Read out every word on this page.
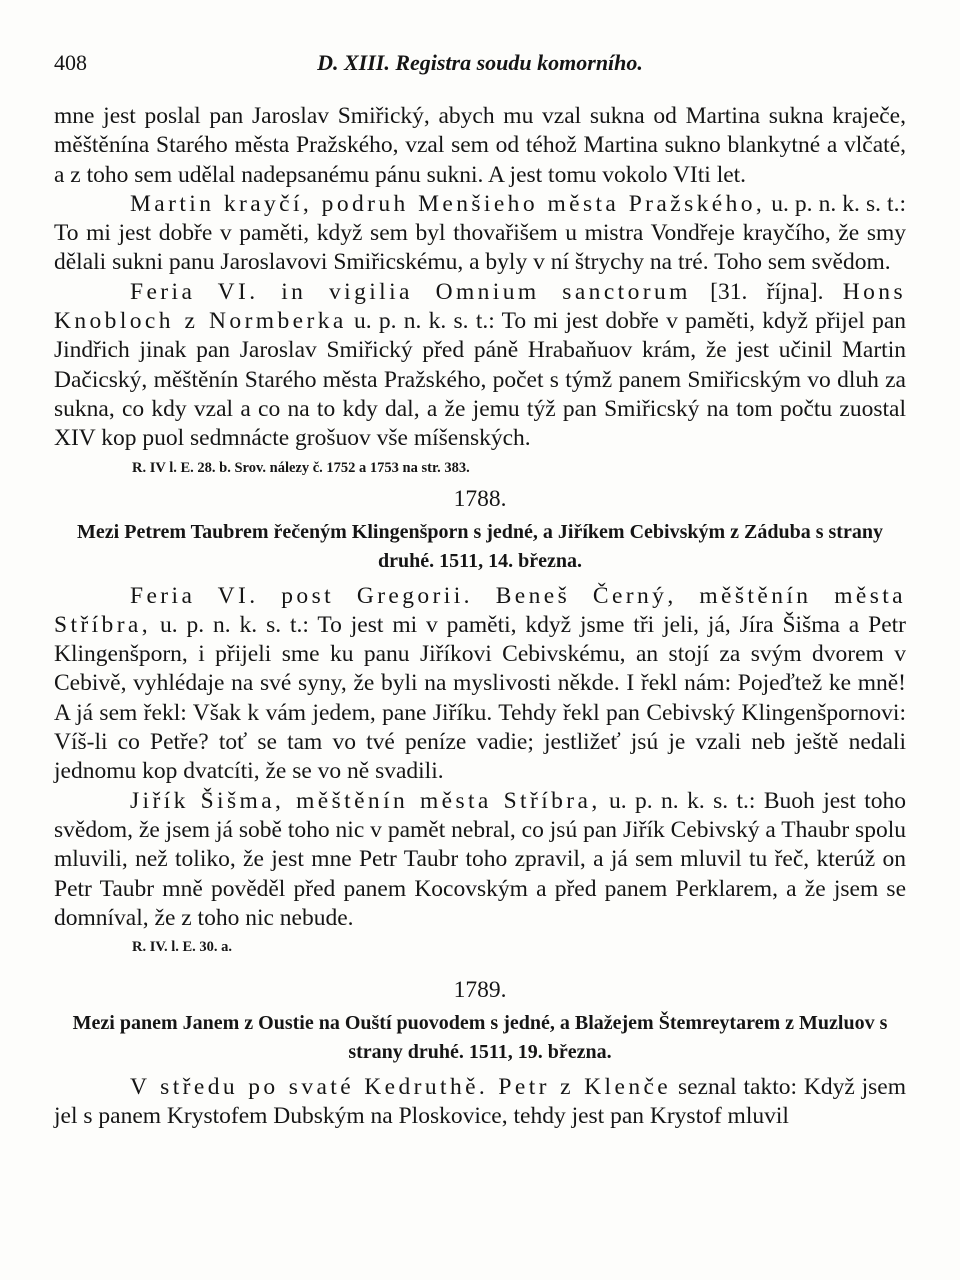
408	D. XIII. Registra soudu komorního.

mne jest poslal pan Jaroslav Smiřický, abych mu vzal sukna od Martina sukna kraječe, měštěnína Starého města Pražského, vzal sem od téhož Martina sukno blankytné a vlčaté, a z toho sem udělal nadepsanému pánu sukni. A jest tomu vokolo VIti let.

Martin krayčí, podruh Menšieho města Pražského, u. p. n. k. s. t.: To mi jest dobře v paměti, když sem byl thovařišem u mistra Vondřeje krayčího, že smy dělali sukni panu Jaroslavovi Smiřicskému, a byly v ní štrychy na tré. Toho sem svědom.

Feria VI. in vigilia Omnium sanctorum [31. října]. Hons Knobloch z Normberka u. p. n. k. s. t.: To mi jest dobře v paměti, když přijel pan Jindřich jinak pan Jaroslav Smiřický před páně Hrabaňuov krám, že jest učinil Martin Dačicský, měštěnín Starého města Pražského, počet s týmž panem Smiřicským vo dluh za sukna, co kdy vzal a co na to kdy dal, a že jemu týž pan Smiřicský na tom počtu zuostal XIV kop puol sedmnácte grošuov vše míšenských.

R. IV l. E. 28. b. Srov. nálezy č. 1752 a 1753 na str. 383.
1788.
Mezi Petrem Taubrem řečeným Klingenšporn s jedné, a Jiříkem Cebivským z Záduba s strany druhé. 1511, 14. března.

Feria VI. post Gregorii. Beneš Černý, měštěnín města Stříbra, u. p. n. k. s. t.: To jest mi v paměti, když jsme tři jeli, já, Jíra Šišma a Petr Klingenšporn, i přijeli sme ku panu Jiříkovi Cebivskému, an stojí za svým dvorem v Cebivě, vyhlédaje na své syny, že byli na myslivosti někde. I řekl nám: Pojeďtež ke mně! A já sem řekl: Však k vám jedem, pane Jiříku. Tehdy řekl pan Cebivský Klingenšpornovi: Víš-li co Petře? toť se tam vo tvé peníze vadie; jestližeť jsú je vzali neb ještě nedali jednomu kop dvatcíti, že se vo ně svadili.

Jiřík Šišma, měštěnín města Stříbra, u. p. n. k. s. t.: Buoh jest toho svědom, že jsem já sobě toho nic v pamět nebral, co jsú pan Jiřík Cebivský a Thaubr spolu mluvili, než toliko, že jest mne Petr Taubr toho zpravil, a já sem mluvil tu řeč, kterúž on Petr Taubr mně pověděl před panem Kocovským a před panem Perklarem, a že jsem se domníval, že z toho nic nebude.

R. IV. l. E. 30. a.
1789.
Mezi panem Janem z Oustie na Ouští puovodem s jedné, a Blažejem Štemreytarem z Muzluov s strany druhé. 1511, 19. března.

V středu po svaté Kedruthě. Petr z Klenče seznal takto: Když jsem jel s panem Krystofem Dubským na Ploskovice, tehdy jest pan Krystof mluvil
